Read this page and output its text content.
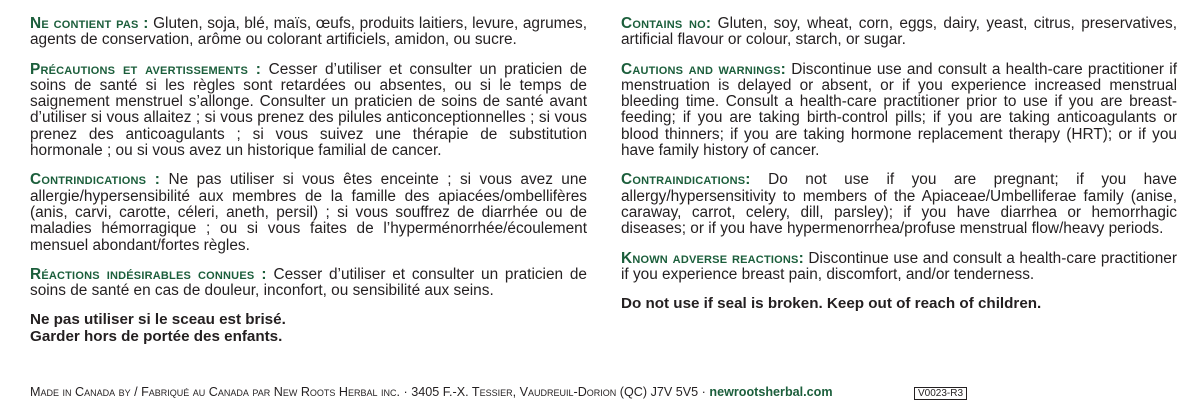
Ne contient pas : Gluten, soja, blé, maïs, œufs, produits laitiers, levure, agrumes, agents de conservation, arôme ou colorant artificiels, amidon, ou sucre.

Précautions et avertissements : Cesser d’utiliser et consulter un praticien de soins de santé si les règles sont retardées ou absentes, ou si le temps de saignement menstruel s’allonge. Consulter un praticien de soins de santé avant d’utiliser si vous allaitez ; si vous prenez des pilules anticonceptionnelles ; si vous prenez des anticoagulants ; si vous suivez une thérapie de substitution hormonale ; ou si vous avez un historique familial de cancer.

Contrindications : Ne pas utiliser si vous êtes enceinte ; si vous avez une allergie/hypersensibilité aux membres de la famille des apiacées/ombellifères (anis, carvi, carotte, céleri, aneth, persil) ; si vous souffrez de diarrhée ou de maladies hémorragique ; ou si vous faites de l’hyperménorrhée/écoulement mensuel abondant/fortes règles.

Réactions indésirables connues : Cesser d’utiliser et consulter un praticien de soins de santé en cas de douleur, inconfort, ou sensibilité aux seins.

Ne pas utiliser si le sceau est brisé.

Garder hors de portée des enfants.

Contains no: Gluten, soy, wheat, corn, eggs, dairy, yeast, citrus, preservatives, artificial flavour or colour, starch, or sugar.

Cautions and warnings: Discontinue use and consult a health-care practitioner if menstruation is delayed or absent, or if you experience increased menstrual bleeding time. Consult a health-care practitioner prior to use if you are breast-feeding; if you are taking birth-control pills; if you are taking anticoagulants or blood thinners; if you are taking hormone replacement therapy (HRT); or if you have family history of cancer.

Contraindications: Do not use if you are pregnant; if you have allergy/hypersensitivity to members of the Apiaceae/Umbelliferae family (anise, caraway, carrot, celery, dill, parsley); if you have diarrhea or hemorrhagic diseases; or if you have hypermenorrhea/profuse menstrual flow/heavy periods.

Known adverse reactions: Discontinue use and consult a health-care practitioner if you experience breast pain, discomfort, and/or tenderness.

Do not use if seal is broken. Keep out of reach of children.

Made in Canada by / Fabriqué au Canada par New Roots Herbal inc. · 3405 F.-X. Tessier, Vaudreuil-Dorion (QC) J7V 5V5 · newrootsherbal.com	V0023-R3
